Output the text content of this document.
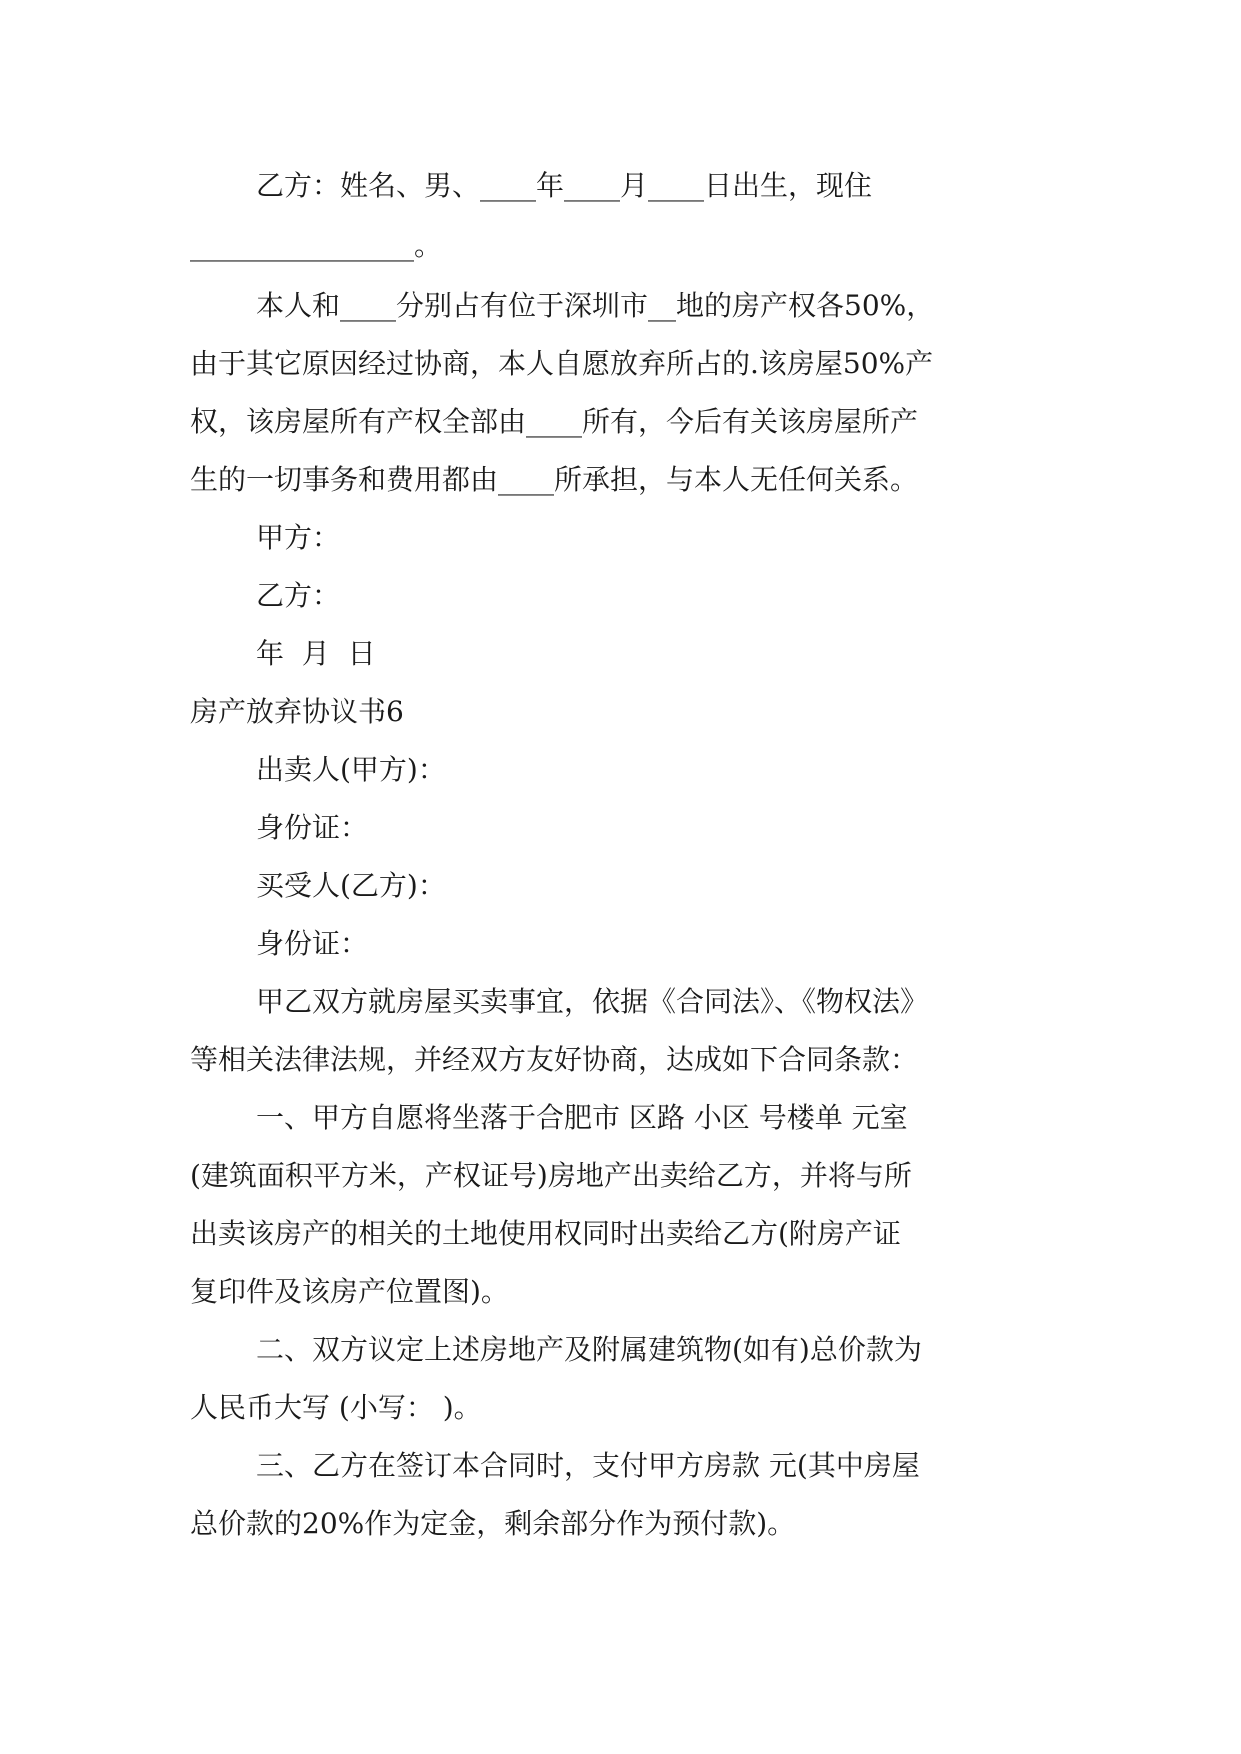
乙方：姓名、男、____年____月____日出生，现住
________________。
本人和____分别占有位于深圳市__地的房产权各50%，
由于其它原因经过协商，本人自愿放弃所占的.该房屋50%产
权，该房屋所有产权全部由____所有，今后有关该房屋所产
生的一切事务和费用都由____所承担，与本人无任何关系。
甲方：
乙方：
年  月  日
房产放弃协议书6
出卖人(甲方)：
身份证：
买受人(乙方)：
身份证：
甲乙双方就房屋买卖事宜，依据《合同法》、《物权法》
等相关法律法规，并经双方友好协商，达成如下合同条款：
一、甲方自愿将坐落于合肥市 区路 小区 号楼单 元室
(建筑面积平方米，产权证号)房地产出卖给乙方，并将与所
出卖该房产的相关的土地使用权同时出卖给乙方(附房产证
复印件及该房产位置图)。
二、双方议定上述房地产及附属建筑物(如有)总价款为
人民币大写 (小写： )。
三、乙方在签订本合同时，支付甲方房款 元(其中房屋
总价款的20%作为定金，剩余部分作为预付款)。
